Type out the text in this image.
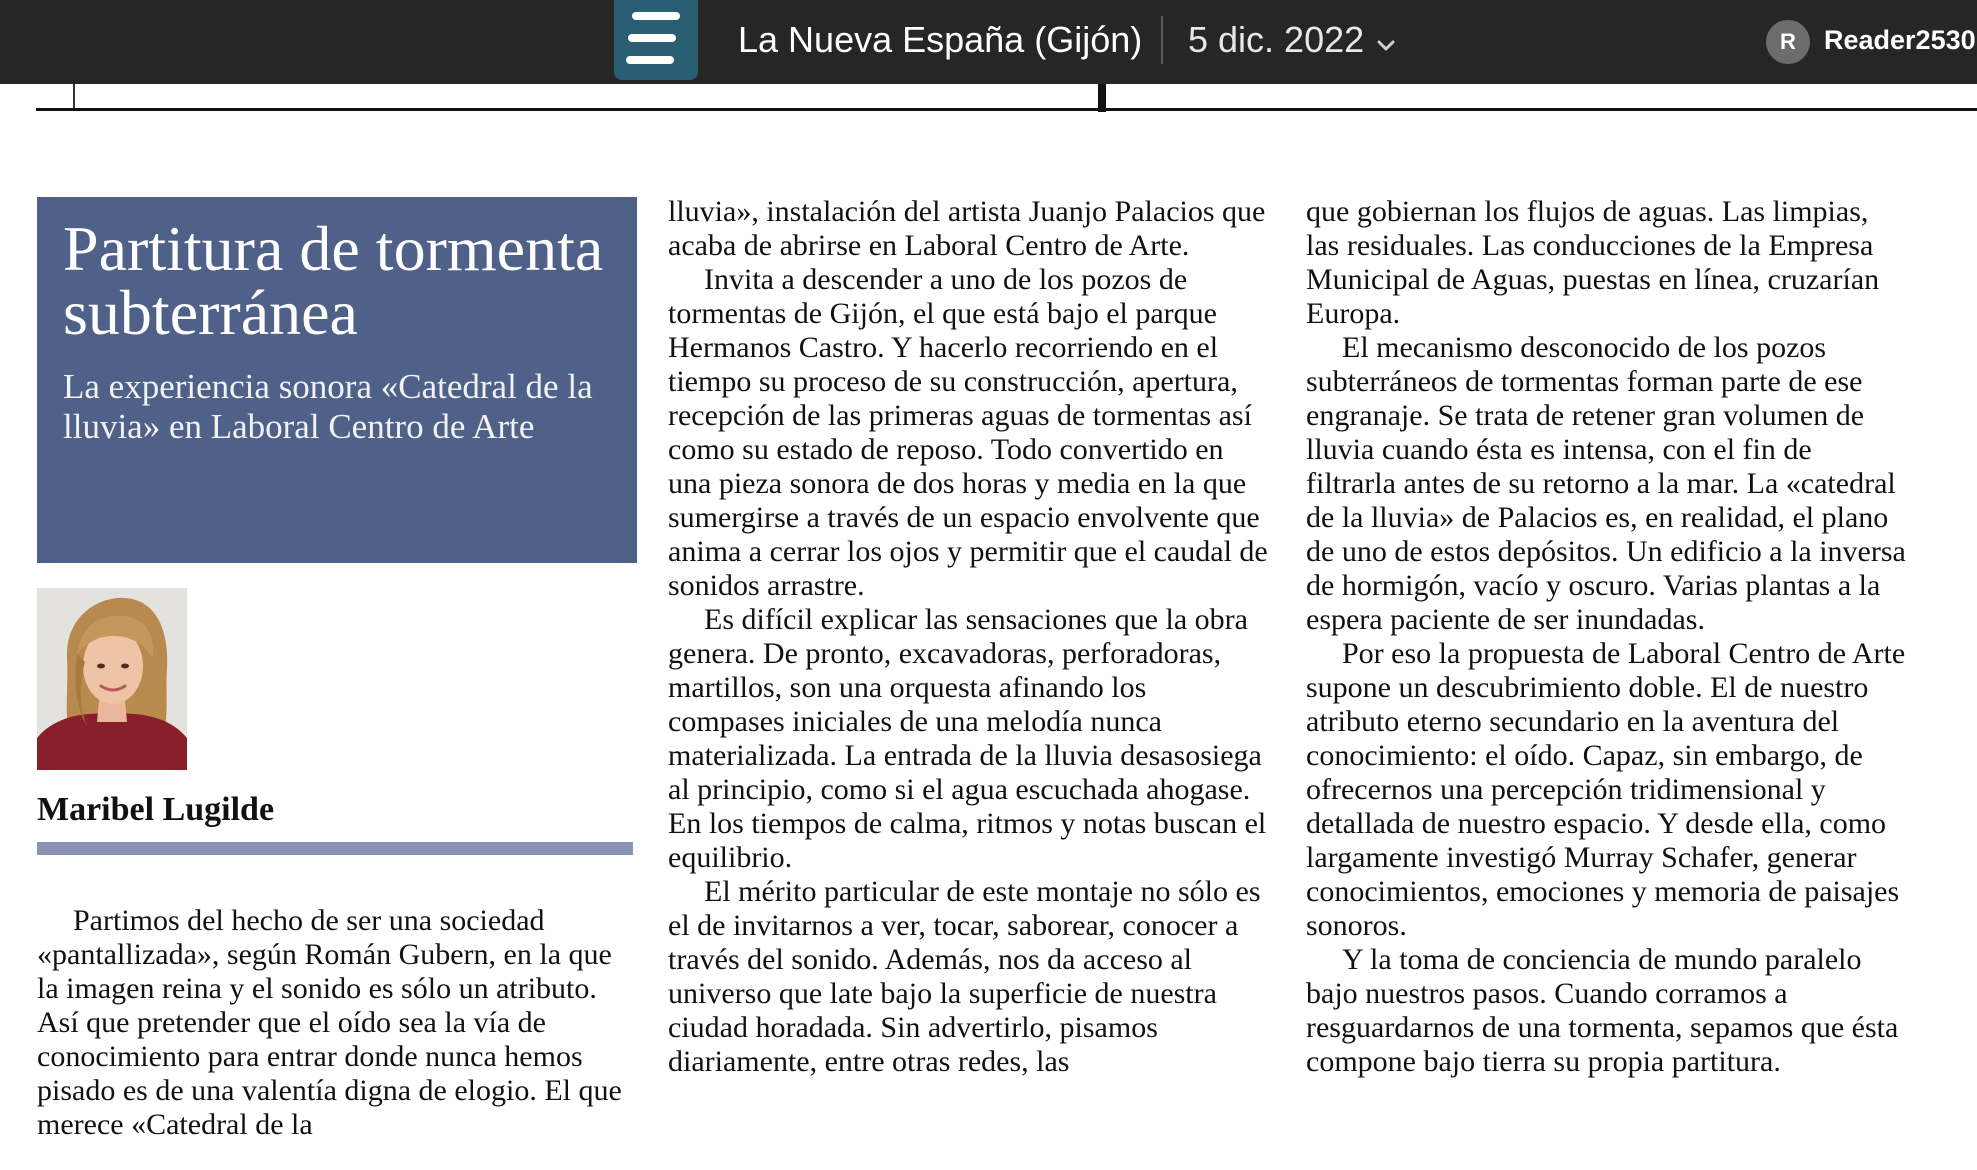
La Nueva España (Gijón) 5 dic. 2022	R	Reader2530
Partitura de tormenta subterránea
La experiencia sonora «Catedral de la lluvia» en Laboral Centro de Arte
Maribel Lugilde

Partimos del hecho de ser una sociedad «pantallizada», según Román Gubern, en la que la imagen reina y el sonido es sólo un atributo. Así que pretender que el oído sea la vía de conocimiento para entrar donde nunca hemos pisado es de una valentía digna de elogio. El que merece «Catedral de la

lluvia», instalación del artista Juanjo Palacios que acaba de abrirse en Laboral Centro de Arte.

Invita a descender a uno de los pozos de tormentas de Gijón, el que está bajo el parque Hermanos Castro. Y hacerlo recorriendo en el tiempo su proceso de su construcción, apertura, recepción de las primeras aguas de tormentas así como su estado de reposo. Todo convertido en una pieza sonora de dos horas y media en la que sumergirse a través de un espacio envolvente que anima a cerrar los ojos y permitir que el caudal de sonidos arrastre.

Es difícil explicar las sensaciones que la obra genera. De pronto, excavadoras, perforadoras, martillos, son una orquesta afinando los compases iniciales de una melodía nunca materializada. La entrada de la lluvia desasosiega al principio, como si el agua escuchada ahogase. En los tiempos de calma, ritmos y notas buscan el equilibrio.

El mérito particular de este montaje no sólo es el de invitarnos a ver, tocar, saborear, conocer a través del sonido. Además, nos da acceso al universo que late bajo la superficie de nuestra ciudad horadada. Sin advertirlo, pisamos diariamente, entre otras redes, las

que gobiernan los flujos de aguas. Las limpias, las residuales. Las conducciones de la Empresa Municipal de Aguas, puestas en línea, cruzarían Europa.

El mecanismo desconocido de los pozos subterráneos de tormentas forman parte de ese engranaje. Se trata de retener gran volumen de lluvia cuando ésta es intensa, con el fin de filtrarla antes de su retorno a la mar. La «catedral de la lluvia» de Palacios es, en realidad, el plano de uno de estos depósitos. Un edificio a la inversa de hormigón, vacío y oscuro. Varias plantas a la espera paciente de ser inundadas.

Por eso la propuesta de Laboral Centro de Arte supone un descubrimiento doble. El de nuestro atributo eterno secundario en la aventura del conocimiento: el oído. Capaz, sin embargo, de ofrecernos una percepción tridimensional y detallada de nuestro espacio. Y desde ella, como largamente investigó Murray Schafer, generar conocimientos, emociones y memoria de paisajes sonoros.

Y la toma de conciencia de mundo paralelo bajo nuestros pasos. Cuando corramos a resguardarnos de una tormenta, sepamos que ésta compone bajo tierra su propia partitura.
